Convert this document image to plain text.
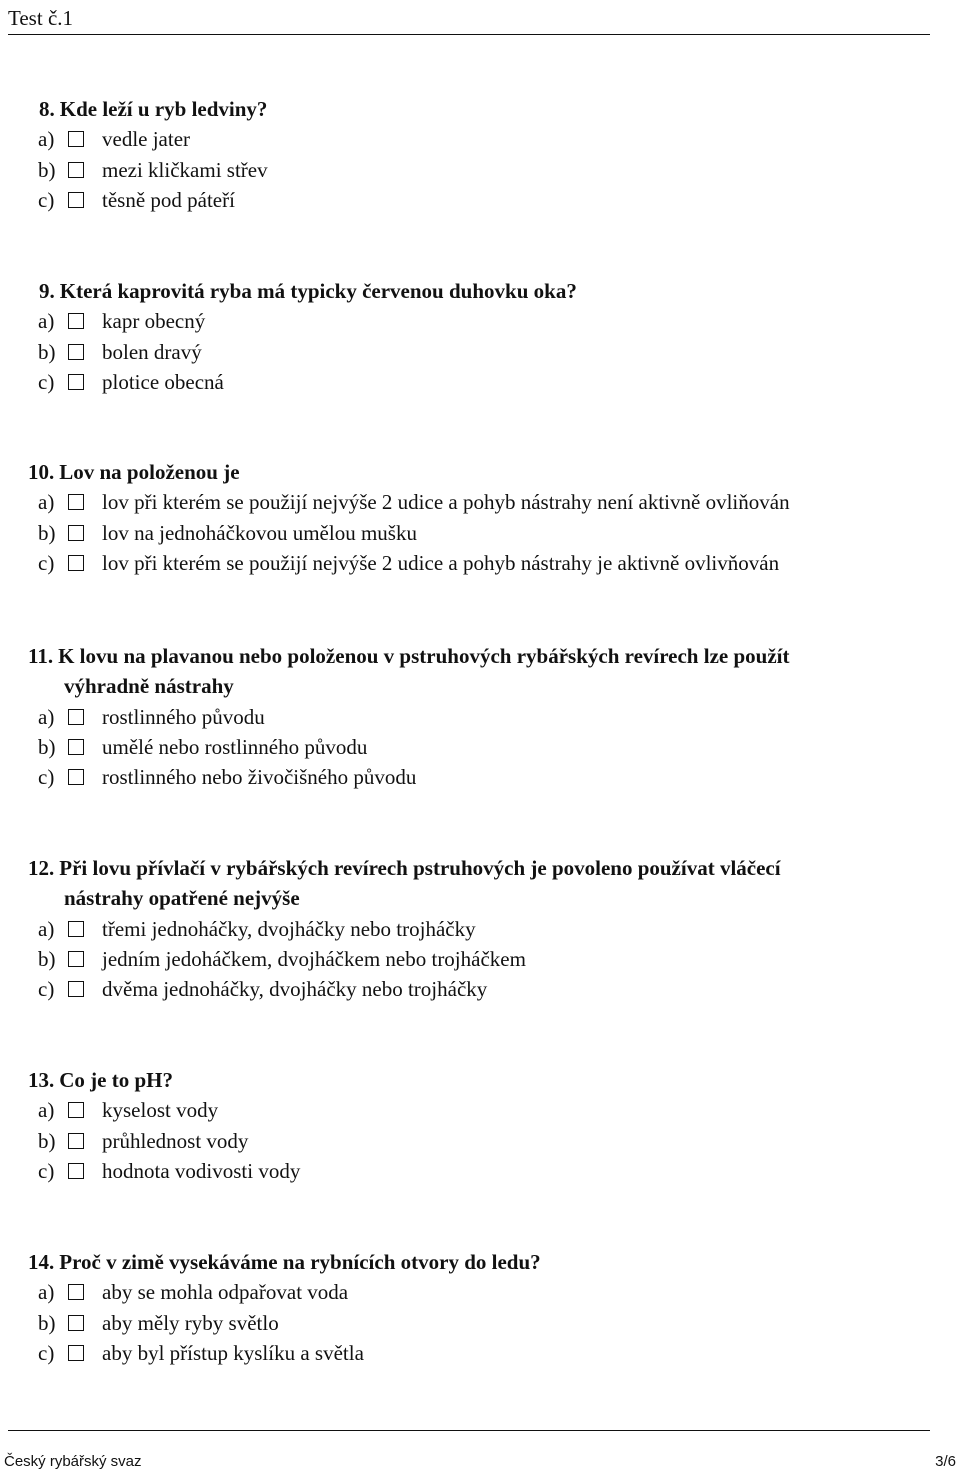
Test č.1
8. Kde leží u ryb ledviny?
a)	vedle jater
b)	mezi kličkami střev
c)	těsně pod páteří
9. Která kaprovitá ryba má typicky červenou duhovku oka?
a)	kapr obecný
b)	bolen dravý
c)	plotice obecná
10. Lov na položenou je
a)	lov při kterém se použijí nejvýše 2 udice a pohyb nástrahy není aktivně ovliňován
b)	lov na jednoháčkovou umělou mušku
c)	lov při kterém se použijí nejvýše 2 udice a pohyb nástrahy je aktivně ovlivňován
11. K lovu na plavanou nebo položenou v pstruhových rybářských revírech lze použít
výhradně nástrahy
a)	rostlinného původu
b)	umělé nebo rostlinného původu
c)	rostlinného nebo živočišného původu
12. Při lovu přívlačí v rybářských revírech pstruhových je povoleno používat vláčecí
nástrahy opatřené nejvýše
a)	třemi jednoháčky, dvojháčky nebo trojháčky
b)	jedním jedoháčkem, dvojháčkem nebo trojháčkem
c)	dvěma jednoháčky, dvojháčky nebo trojháčky
13. Co je to pH?
a)	kyselost vody
b)	průhlednost vody
c)	hodnota vodivosti vody
14. Proč v zimě vysekáváme na rybnících otvory do ledu?
a)	aby se mohla odpařovat voda
b)	aby měly ryby světlo
c)	aby byl přístup kyslíku a světla
Český rybářský svaz	3/6
